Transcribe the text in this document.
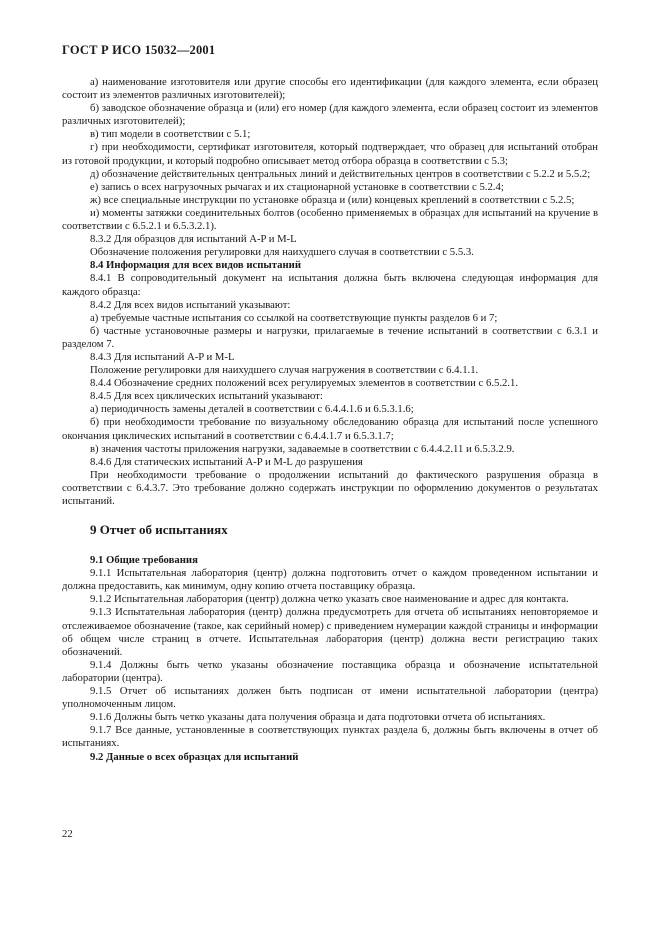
ГОСТ Р ИСО 15032—2001

а) наименование изготовителя или другие способы его идентификации (для каждого элемента, если образец состоит из элементов различных изготовителей);

б) заводское обозначение образца и (или) его номер (для каждого элемента, если образец состоит из элементов различных изготовителей);

в) тип модели в соответствии с 5.1;

г) при необходимости, сертификат изготовителя, который подтверждает, что образец для испытаний отобран из готовой продукции, и который подробно описывает метод отбора образца в соответствии с 5.3;

д) обозначение действительных центральных линий и действительных центров в соответствии с 5.2.2 и 5.5.2;

е) запись о всех нагрузочных рычагах и их стационарной установке в соответствии с 5.2.4;

ж) все специальные инструкции по установке образца и (или) концевых креплений в соответствии с 5.2.5;

и) моменты затяжки соединительных болтов (особенно применяемых в образцах для испытаний на кручение в соответствии с 6.5.2.1 и 6.5.3.2.1).

8.3.2 Для образцов для испытаний A-P и M-L

Обозначение положения регулировки для наихудшего случая в соответствии с 5.5.3.

8.4 Информация для всех видов испытаний

8.4.1 В сопроводительный документ на испытания должна быть включена следующая информация для каждого образца:

8.4.2 Для всех видов испытаний указывают:

а) требуемые частные испытания со ссылкой на соответствующие пункты разделов 6 и 7;

б) частные установочные размеры и нагрузки, прилагаемые в течение испытаний в соответствии с 6.3.1 и разделом 7.

8.4.3 Для испытаний A-P и M-L

Положение регулировки для наихудшего случая нагружения в соответствии с 6.4.1.1.

8.4.4 Обозначение средних положений всех регулируемых элементов в соответствии с 6.5.2.1.

8.4.5 Для всех циклических испытаний указывают:

а) периодичность замены деталей в соответствии с 6.4.4.1.6 и 6.5.3.1.6;

б) при необходимости требование по визуальному обследованию образца для испытаний после успешного окончания циклических испытаний в соответствии с 6.4.4.1.7 и 6.5.3.1.7;

в) значения частоты приложения нагрузки, задаваемые в соответствии с 6.4.4.2.11 и 6.5.3.2.9.

8.4.6 Для статических испытаний A-P и M-L до разрушения

При необходимости требование о продолжении испытаний до фактического разрушения образца в соответствии с 6.4.3.7. Это требование должно содержать инструкции по оформлению документов о результатах испытаний.

9 Отчет об испытаниях

9.1 Общие требования

9.1.1 Испытательная лаборатория (центр) должна подготовить отчет о каждом проведенном испытании и должна предоставить, как минимум, одну копию отчета поставщику образца.

9.1.2 Испытательная лаборатория (центр) должна четко указать свое наименование и адрес для контакта.

9.1.3 Испытательная лаборатория (центр) должна предусмотреть для отчета об испытаниях неповторяемое и отслеживаемое обозначение (такое, как серийный номер) с приведением нумерации каждой страницы и информации об общем числе страниц в отчете. Испытательная лаборатория (центр) должна вести регистрацию таких обозначений.

9.1.4 Должны быть четко указаны обозначение поставщика образца и обозначение испытательной лаборатории (центра).

9.1.5 Отчет об испытаниях должен быть подписан от имени испытательной лаборатории (центра) уполномоченным лицом.

9.1.6 Должны быть четко указаны дата получения образца и дата подготовки отчета об испытаниях.

9.1.7 Все данные, установленные в соответствующих пунктах раздела 6, должны быть включены в отчет об испытаниях.

9.2 Данные о всех образцах для испытаний

22
